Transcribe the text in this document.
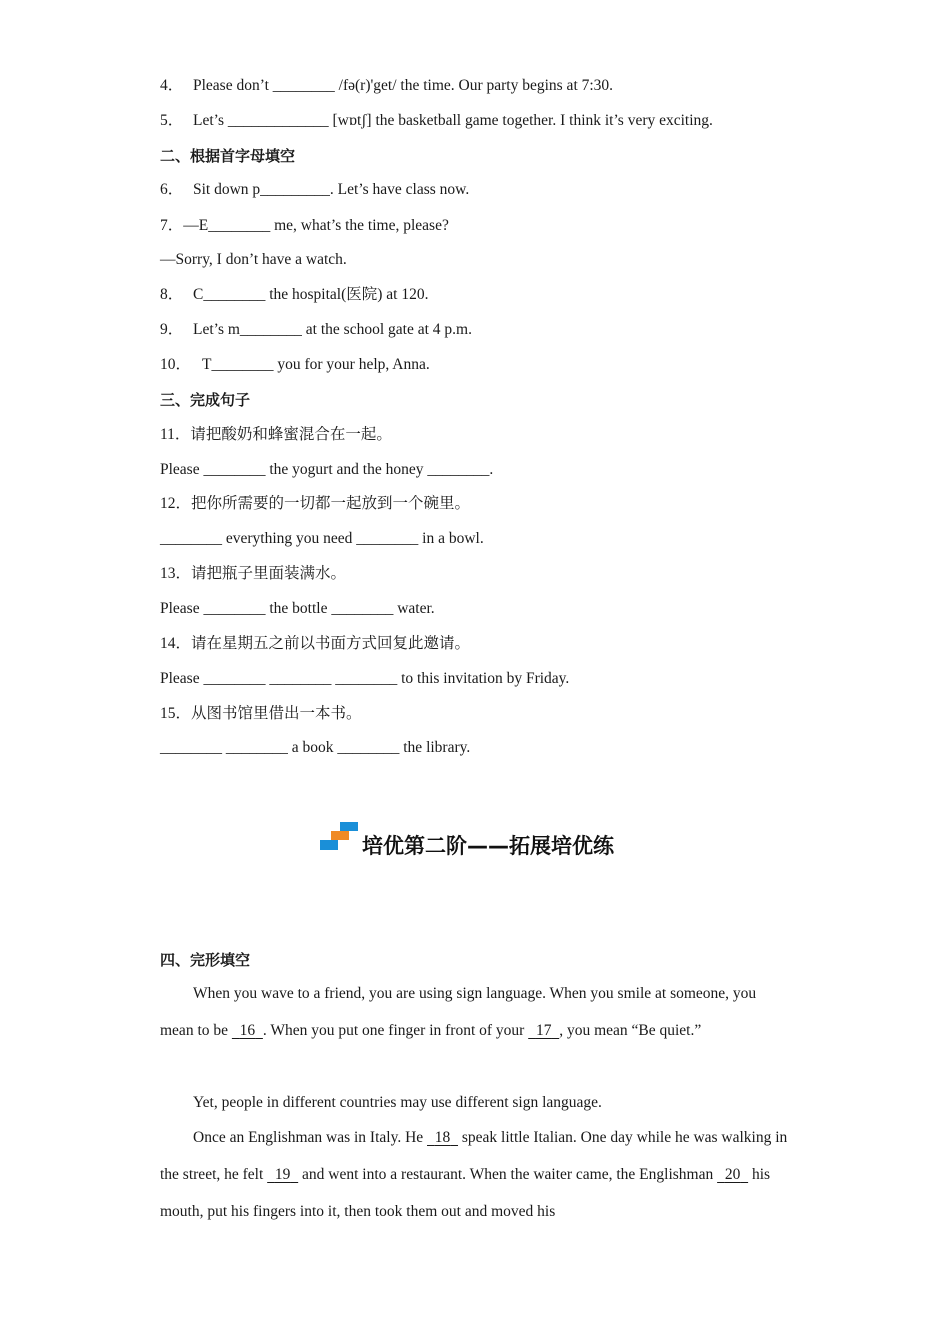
4． Please don’t ________ /fə(r)'get/ the time. Our party begins at 7:30.
5． Let’s _____________ [wɒtʃ] the basketball game together. I think it’s very exciting.
二、根据首字母填空
6． Sit down p_________. Let’s have class now.
7．—E________ me, what’s the time, please?
—Sorry, I don’t have a watch.
8． C________ the hospital(医院) at 120.
9． Let’s m________ at the school gate at 4 p.m.
10． T________ you for your help, Anna.
三、完成句子
11．请把酸奶和蜂蜜混合在一起。
Please ________ the yogurt and the honey ________.
12．把你所需要的一切都一起放到一个碗里。
________ everything you need ________ in a bowl.
13．请把瓶子里面装满水。
Please ________ the bottle ________ water.
14．请在星期五之前以书面方式回复此邀请。
Please ________ ________ ________ to this invitation by Friday.
15．从图书馆里借出一本书。
________ ________ a book ________ the library.
培优第二阶——拓展培优练
四、完形填空

When you wave to a friend, you are using sign language. When you smile at someone, you mean to be   16 . When you put one finger in front of your   17 , you mean “Be quiet.”

Yet, people in different countries may use different sign language.

Once an Englishman was in Italy. He   18   speak little Italian. One day while he was walking in the street, he felt   19   and went into a restaurant. When the waiter came, the Englishman   20   his mouth, put his fingers into it, then took them out and moved his
